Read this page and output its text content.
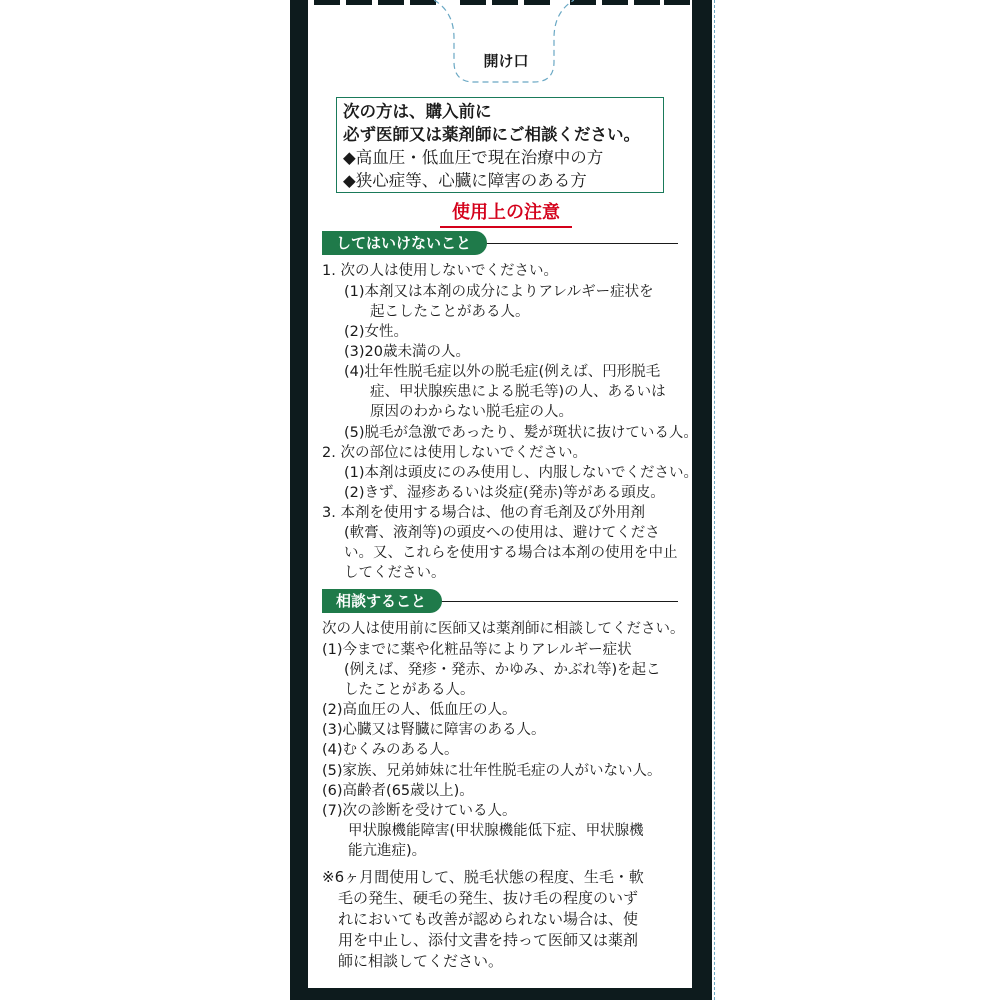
開け口
次の方は、購入前に
必ず医師又は薬剤師にご相談ください。
◆高血圧・低血圧で現在治療中の方
◆狭心症等、心臓に障害のある方
使用上の注意
してはいけないこと
1. 次の人は使用しないでください。
(1)本剤又は本剤の成分によりアレルギー症状を
起こしたことがある人。
(2)女性。
(3)20歳未満の人。
(4)壮年性脱毛症以外の脱毛症(例えば、円形脱毛
症、甲状腺疾患による脱毛等)の人、あるいは
原因のわからない脱毛症の人。
(5)脱毛が急激であったり、髪が斑状に抜けている人。
2. 次の部位には使用しないでください。
(1)本剤は頭皮にのみ使用し、内服しないでください。
(2)きず、湿疹あるいは炎症(発赤)等がある頭皮。
3. 本剤を使用する場合は、他の育毛剤及び外用剤
(軟膏、液剤等)の頭皮への使用は、避けてくださ
い。又、これらを使用する場合は本剤の使用を中止
してください。
相談すること
次の人は使用前に医師又は薬剤師に相談してください。
(1)今までに薬や化粧品等によりアレルギー症状
(例えば、発疹・発赤、かゆみ、かぶれ等)を起こ
したことがある人。
(2)高血圧の人、低血圧の人。
(3)心臓又は腎臓に障害のある人。
(4)むくみのある人。
(5)家族、兄弟姉妹に壮年性脱毛症の人がいない人。
(6)高齢者(65歳以上)。
(7)次の診断を受けている人。
甲状腺機能障害(甲状腺機能低下症、甲状腺機
能亢進症)。
※6ヶ月間使用して、脱毛状態の程度、生毛・軟
毛の発生、硬毛の発生、抜け毛の程度のいず
れにおいても改善が認められない場合は、使
用を中止し、添付文書を持って医師又は薬剤
師に相談してください。
